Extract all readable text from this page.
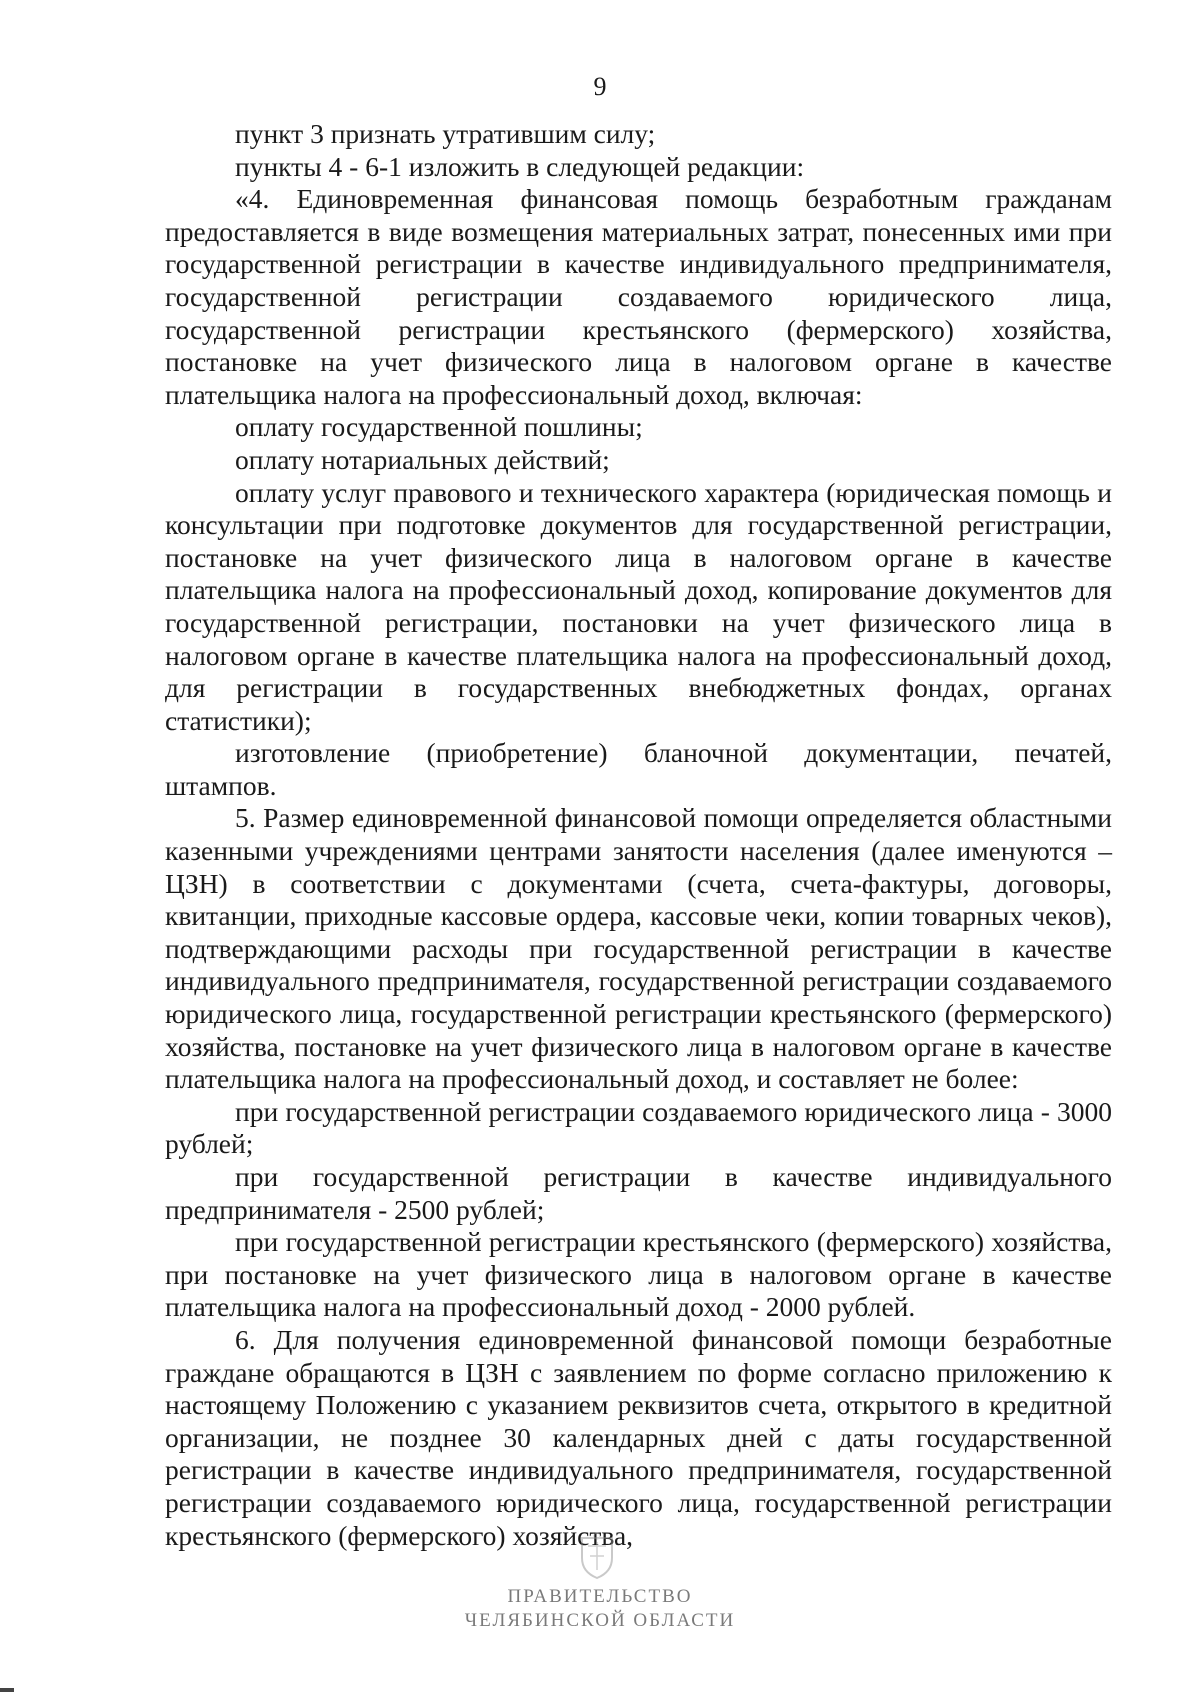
9

пункт 3 признать утратившим силу;

пункты 4 - 6-1 изложить в следующей редакции:

«4. Единовременная финансовая помощь безработным гражданам предоставляется в виде возмещения материальных затрат, понесенных ими при государственной регистрации в качестве индивидуального предпринимателя, государственной регистрации создаваемого юридического лица, государственной регистрации крестьянского (фермерского) хозяйства, постановке на учет физического лица в налоговом органе в качестве плательщика налога на профессиональный доход, включая:

оплату государственной пошлины;

оплату нотариальных действий;

оплату услуг правового и технического характера (юридическая помощь и консультации при подготовке документов для государственной регистрации, постановке на учет физического лица в налоговом органе в качестве плательщика налога на профессиональный доход, копирование документов для государственной регистрации, постановки на учет физического лица в налоговом органе в качестве плательщика налога на профессиональный доход, для регистрации в государственных внебюджетных фондах, органах статистики);

изготовление (приобретение) бланочной документации, печатей, штампов.

5. Размер единовременной финансовой помощи определяется областными казенными учреждениями центрами занятости населения (далее именуются – ЦЗН) в соответствии с документами (счета, счета-фактуры, договоры, квитанции, приходные кассовые ордера, кассовые чеки, копии товарных чеков), подтверждающими расходы при государственной регистрации в качестве индивидуального предпринимателя, государственной регистрации создаваемого юридического лица, государственной регистрации крестьянского (фермерского) хозяйства, постановке на учет физического лица в налоговом органе в качестве плательщика налога на профессиональный доход, и составляет не более:

при государственной регистрации создаваемого юридического лица - 3000 рублей;

при государственной регистрации в качестве индивидуального предпринимателя - 2500 рублей;

при государственной регистрации крестьянского (фермерского) хозяйства, при постановке на учет физического лица в налоговом органе в качестве плательщика налога на профессиональный доход - 2000 рублей.

6. Для получения единовременной финансовой помощи безработные граждане обращаются в ЦЗН с заявлением по форме согласно приложению к настоящему Положению с указанием реквизитов счета, открытого в кредитной организации, не позднее 30 календарных дней с даты государственной регистрации в качестве индивидуального предпринимателя, государственной регистрации создаваемого юридического лица, государственной регистрации крестьянского (фермерского) хозяйства,

ПРАВИТЕЛЬСТВО
ЧЕЛЯБИНСКОЙ ОБЛАСТИ
